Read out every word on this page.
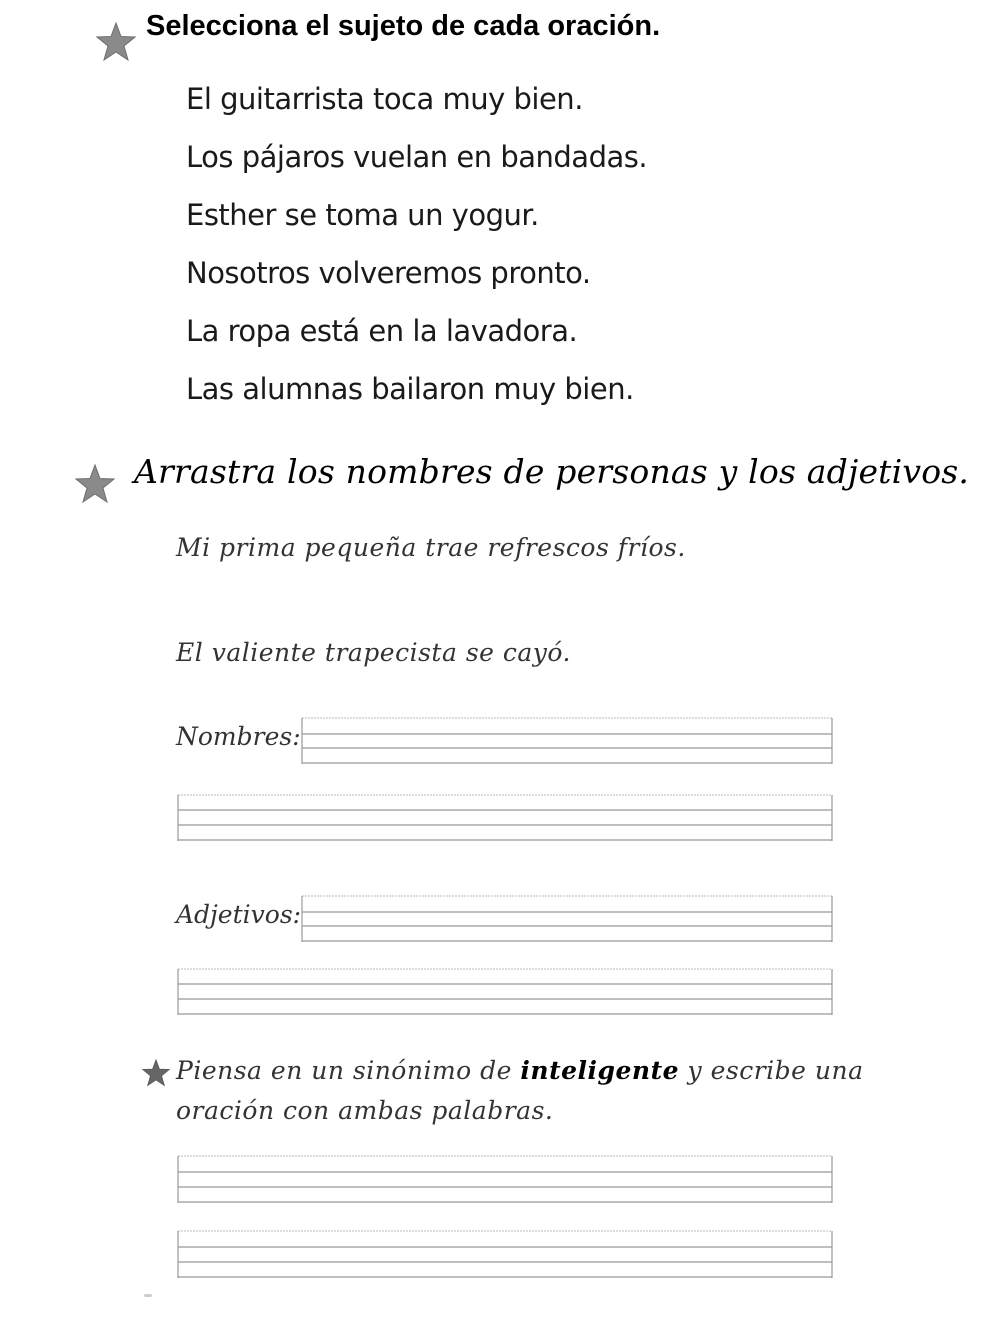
Selecciona el sujeto de cada oración.
El guitarrista toca muy bien.
Los pájaros vuelan en bandadas.
Esther se toma un yogur.
Nosotros volveremos pronto.
La ropa está en la lavadora.
Las alumnas bailaron muy bien.
Arrastra los nombres de personas y los adjetivos.
Mi prima pequeña trae refrescos fríos.
El valiente trapecista se cayó.
Nombres:
Adjetivos:
Piensa en un sinónimo de inteligente y escribe una
oración con ambas palabras.
